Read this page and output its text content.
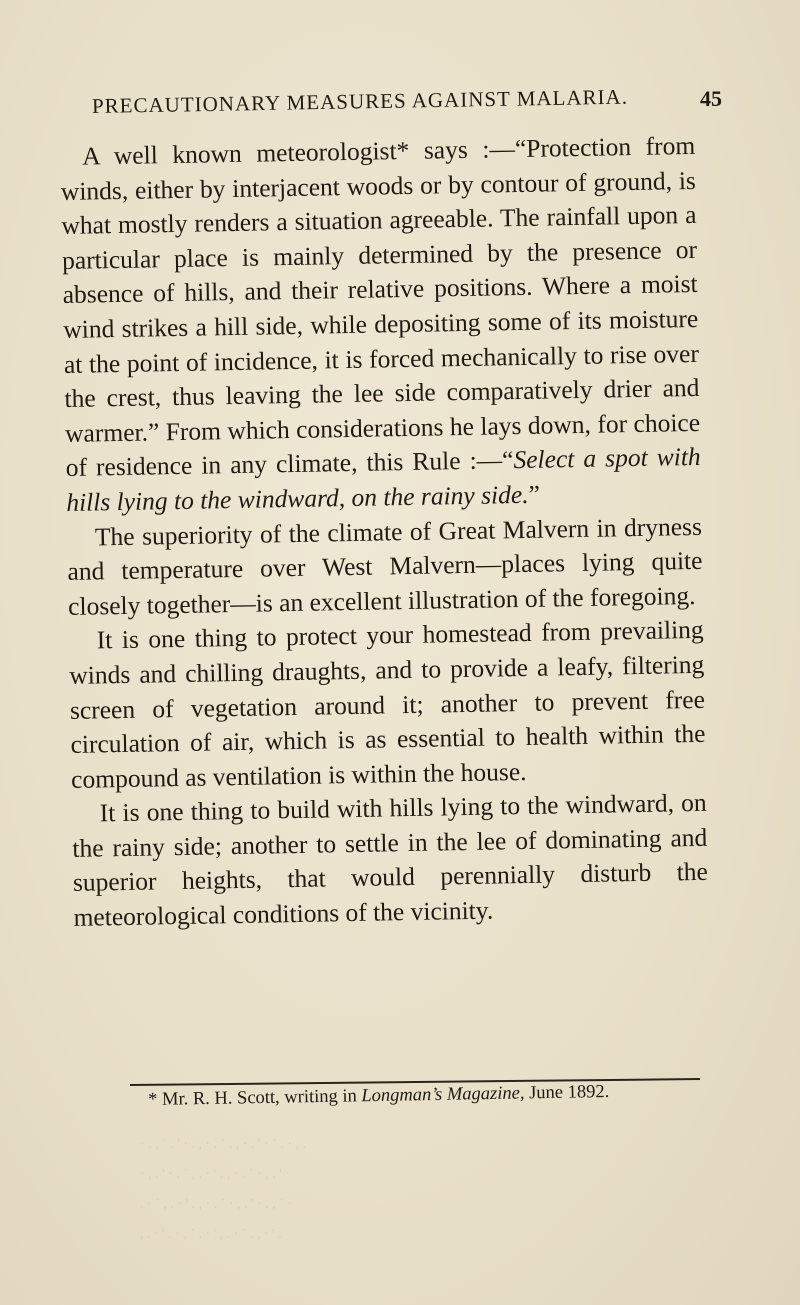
PRECAUTIONARY MEASURES AGAINST MALARIA.	45

A well known meteorologist* says :—“Protection from winds, either by interjacent woods or by contour of ground, is what mostly renders a situation agreeable. The rainfall upon a particular place is mainly determined by the presence or absence of hills, and their relative positions. Where a moist wind strikes a hill side, while depositing some of its moisture at the point of incidence, it is forced mechanically to rise over the crest, thus leaving the lee side comparatively drier and warmer.” From which considerations he lays down, for choice of residence in any climate, this Rule :—“Select a spot with hills lying to the windward, on the rainy side.”

The superiority of the climate of Great Malvern in dryness and temperature over West Malvern—places lying quite closely together—is an excellent illustration of the foregoing.

It is one thing to protect your homestead from prevailing winds and chilling draughts, and to provide a leafy, filtering screen of vegetation around it; another to prevent free circulation of air, which is as essential to health within the compound as ventilation is within the house.

It is one thing to build with hills lying to the windward, on the rainy side; another to settle in the lee of dominating and superior heights, that would perennially disturb the meteorological conditions of the vicinity.

* Mr. R. H. Scott, writing in Longman’s Magazine, June 1892.
· . , ˙ . ' · . , · . ˙ . , · . ' · ˙ . · , .
· , . ' · . ˙ , . · ' . , · . ˙ · , . ' ·
. · ˙ , . · ' . , · . ˙ · , . ' · . , ˙ ·
, . · ' . · , ˙ . · ' , . · ˙ . , · ' .
